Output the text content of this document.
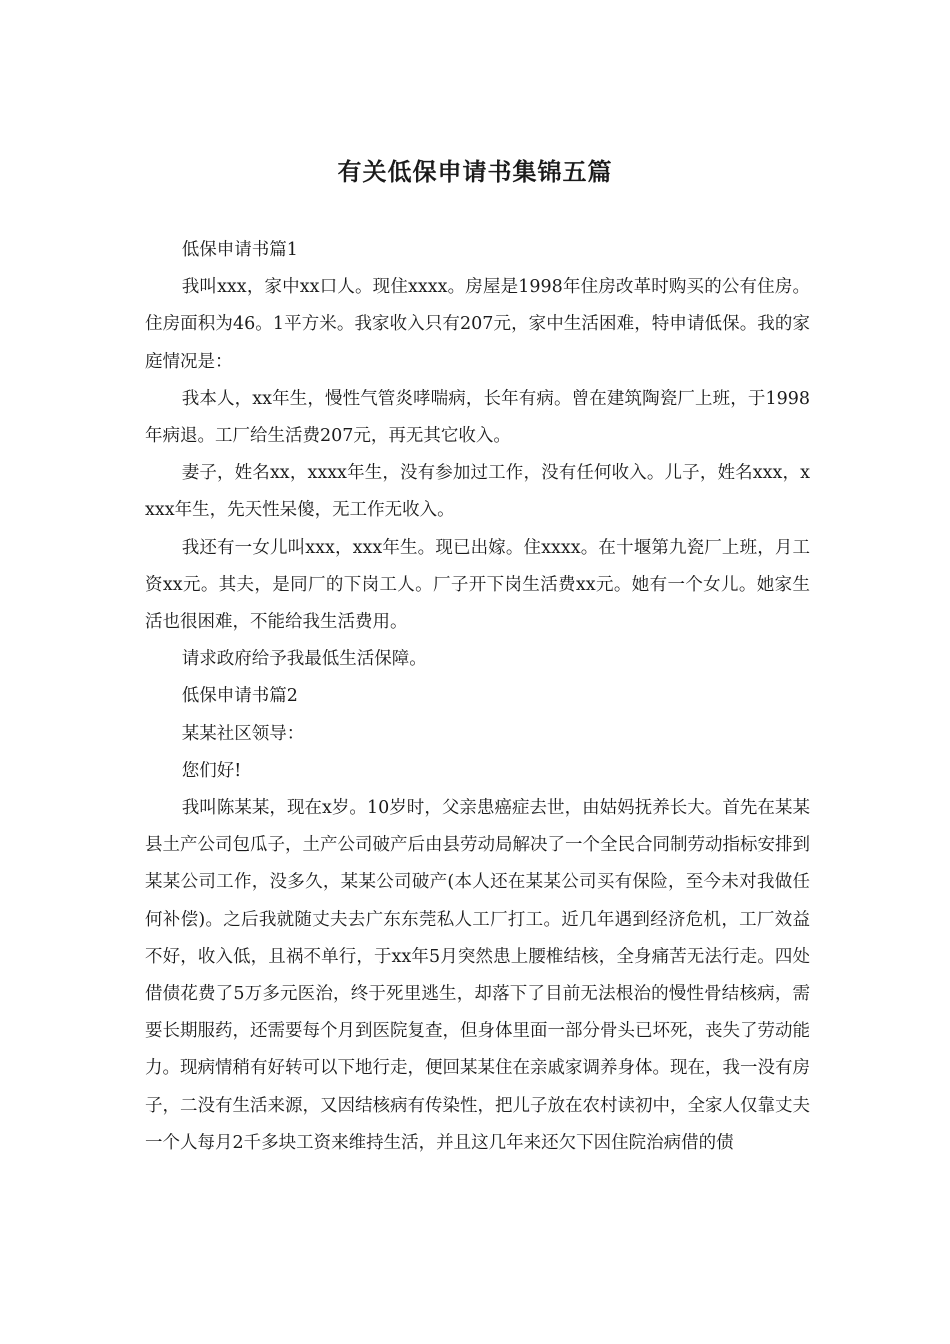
有关低保申请书集锦五篇

低保申请书篇1

我叫xxx，家中xx口人。现住xxxx。房屋是1998年住房改革时购买的公有住房。住房面积为46。1平方米。我家收入只有207元，家中生活困难，特申请低保。我的家庭情况是：

我本人，xx年生，慢性气管炎哮喘病，长年有病。曾在建筑陶瓷厂上班，于1998年病退。工厂给生活费207元，再无其它收入。

妻子，姓名xx，xxxx年生，没有参加过工作，没有任何收入。儿子，姓名xxx，xxxx年生，先天性呆傻，无工作无收入。

我还有一女儿叫xxx，xxx年生。现已出嫁。住xxxx。在十堰第九瓷厂上班，月工资xx元。其夫，是同厂的下岗工人。厂子开下岗生活费xx元。她有一个女儿。她家生活也很困难，不能给我生活费用。

请求政府给予我最低生活保障。

低保申请书篇2

某某社区领导：

您们好!

我叫陈某某，现在x岁。10岁时，父亲患癌症去世，由姑妈抚养长大。首先在某某县土产公司包瓜子，土产公司破产后由县劳动局解决了一个全民合同制劳动指标安排到某某公司工作，没多久，某某公司破产(本人还在某某公司买有保险，至今未对我做任何补偿)。之后我就随丈夫去广东东莞私人工厂打工。近几年遇到经济危机，工厂效益不好，收入低，且祸不单行，于xx年5月突然患上腰椎结核，全身痛苦无法行走。四处借债花费了5万多元医治，终于死里逃生，却落下了目前无法根治的慢性骨结核病，需要长期服药，还需要每个月到医院复查，但身体里面一部分骨头已坏死，丧失了劳动能力。现病情稍有好转可以下地行走，便回某某住在亲戚家调养身体。现在，我一没有房子，二没有生活来源，又因结核病有传染性，把儿子放在农村读初中，全家人仅靠丈夫一个人每月2千多块工资来维持生活，并且这几年来还欠下因住院治病借的债
